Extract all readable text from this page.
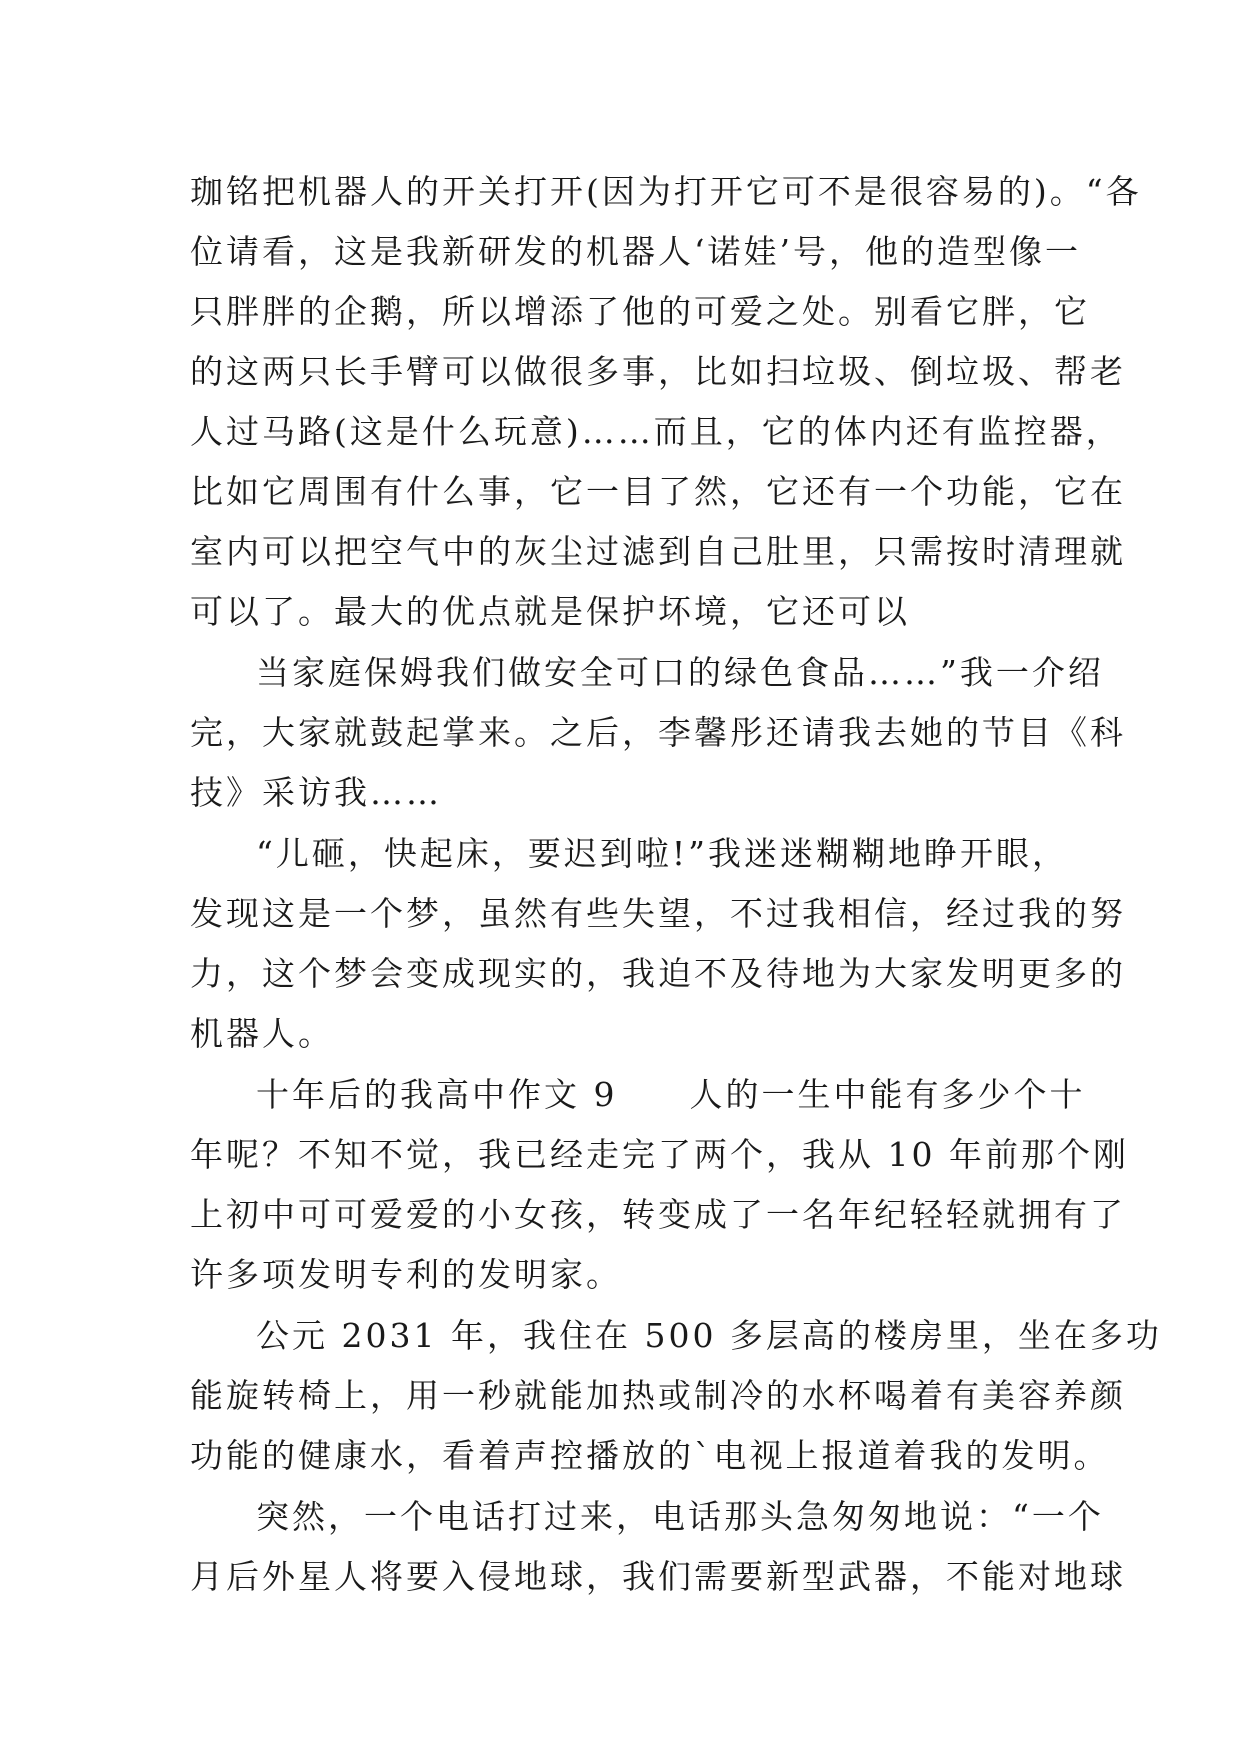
珈铭把机器人的开关打开(因为打开它可不是很容易的)。“各
位请看，这是我新研发的机器人‘诺娃’号，他的造型像一
只胖胖的企鹅，所以增添了他的可爱之处。别看它胖，它
的这两只长手臂可以做很多事，比如扫垃圾、倒垃圾、帮老
人过马路(这是什么玩意)……而且，它的体内还有监控器，
比如它周围有什么事，它一目了然，它还有一个功能，它在
室内可以把空气中的灰尘过滤到自己肚里，只需按时清理就
可以了。最大的优点就是保护坏境，它还可以
当家庭保姆我们做安全可口的绿色食品……”我一介绍
完，大家就鼓起掌来。之后，李馨彤还请我去她的节目《科
技》采访我……
“儿砸，快起床，要迟到啦!”我迷迷糊糊地睁开眼，
发现这是一个梦，虽然有些失望，不过我相信，经过我的努
力，这个梦会变成现实的，我迫不及待地为大家发明更多的
机器人。
十年后的我高中作文 9　　人的一生中能有多少个十
年呢？不知不觉，我已经走完了两个，我从 10 年前那个刚
上初中可可爱爱的小女孩，转变成了一名年纪轻轻就拥有了
许多项发明专利的发明家。
公元 2031 年，我住在 500 多层高的楼房里，坐在多功
能旋转椅上，用一秒就能加热或制冷的水杯喝着有美容养颜
功能的健康水，看着声控播放的`电视上报道着我的发明。
突然，一个电话打过来，电话那头急匆匆地说：“一个
月后外星人将要入侵地球，我们需要新型武器，不能对地球
